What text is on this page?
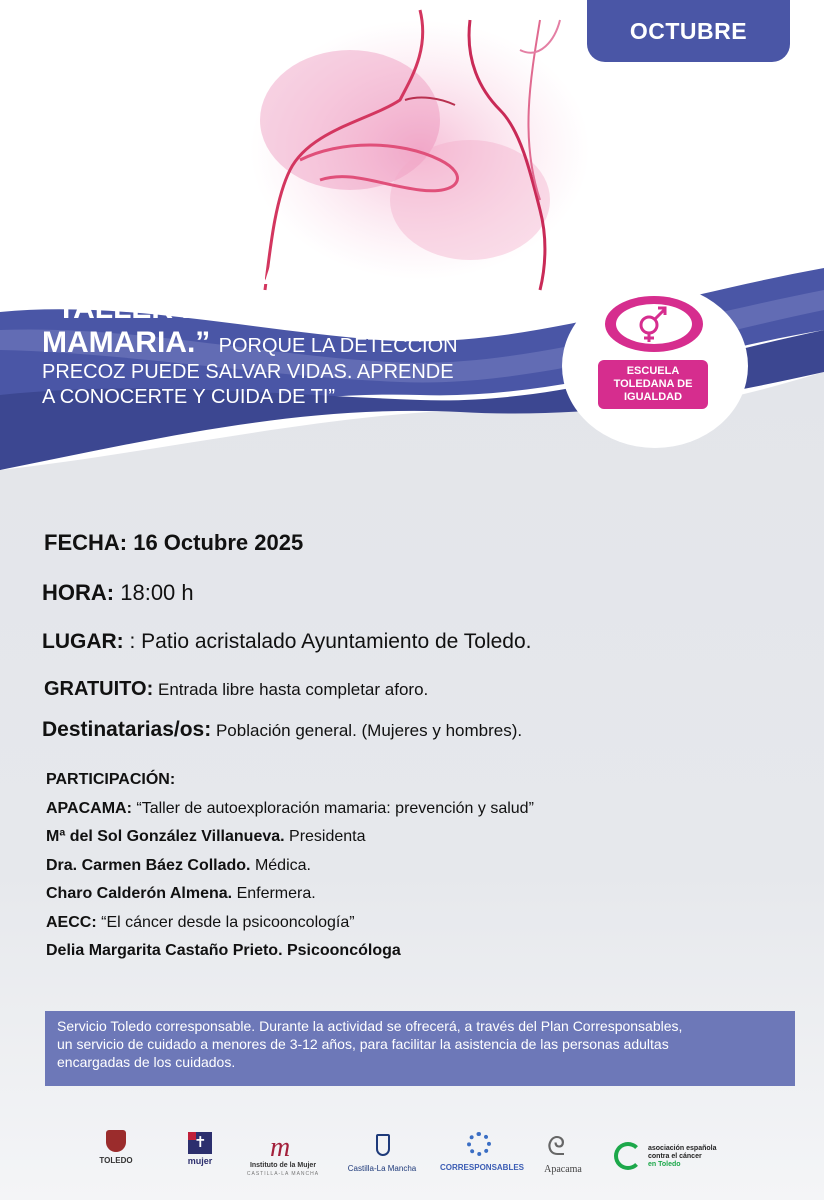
OCTUBRE
CUIDARSE ES VIVIR:
“TALLER DE AUTOEXPLORACIÓN
MAMARIA.” PORQUE LA DETECCIÓN
PRECOZ PUEDE SALVAR VIDAS. APRENDE
A CONOCERTE Y CUIDA DE TI”
ESCUELA
TOLEDANA DE
IGUALDAD
FECHA: 16 Octubre 2025
HORA: 18:00 h
LUGAR: : Patio acristalado Ayuntamiento de Toledo.
GRATUITO: Entrada libre hasta completar aforo.
Destinatarias/os: Población general. (Mujeres y hombres).
PARTICIPACIÓN:
APACAMA: “Taller de autoexploración mamaria: prevención y salud”
Mª del Sol González Villanueva. Presidenta
Dra. Carmen Báez Collado. Médica.
Charo Calderón Almena. Enfermera.
AECC: “El cáncer desde la psicooncología”
Delia Margarita Castaño Prieto. Psicooncóloga
Servicio Toledo corresponsable. Durante la actividad se ofrecerá, a través del Plan Corresponsables,
un servicio de cuidado a menores de 3-12 años, para facilitar la asistencia de las personas adultas
encargadas de los cuidados.
TOLEDO
✝	mujer m
Instituto de la Mujer
CASTILLA-LA MANCHA
Castilla-La Mancha	CORRESPONSABLES
ᘓ
Apacama
asociación española
contra el cáncer
en Toledo
